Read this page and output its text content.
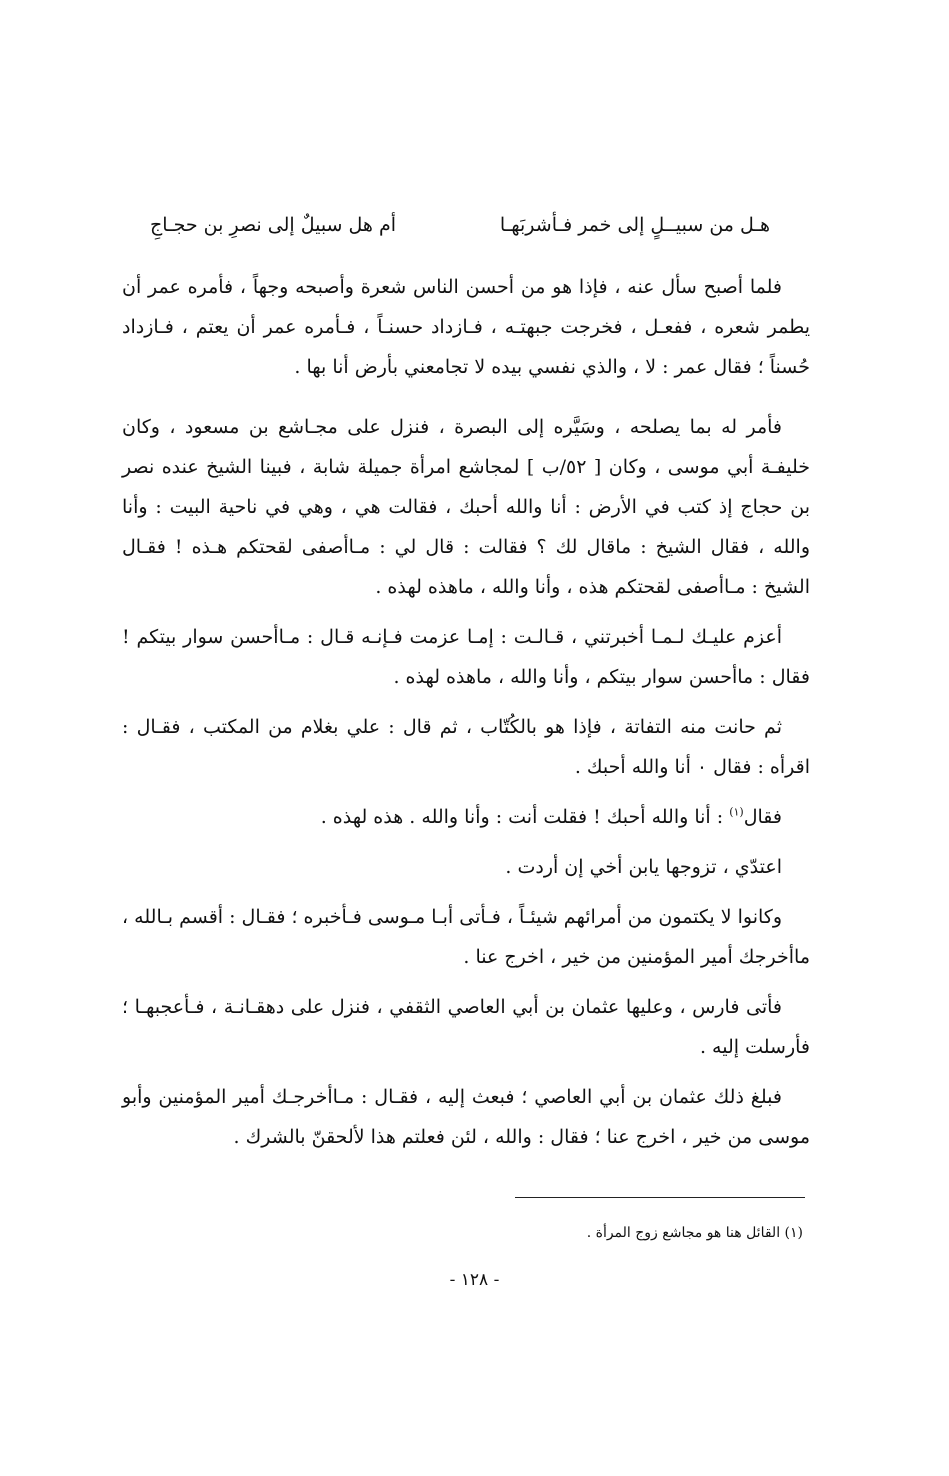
هـل من سبيــلٍ إلى خمر فـأشربَهـا
أم هل سبيلٌ إلى نصرِ بن حجـاجِ

فلما أصبح سأل عنه ، فإذا هو من أحسن الناس شعرة وأصبحه وجهاً ، فأمره عمر أن يطمر شعره ، ففعـل ، فخرجت جبهتـه ، فـازداد حسنـاً ، فـأمره عمر أن يعتم ، فـازداد حُسناً ؛ فقال عمر : لا ، والذي نفسي بيده لا تجامعني بأرض أنا بها .

فأمر له بما يصلحه ، وسَيَّره إلى البصرة ، فنزل على مجـاشع بن مسعود ، وكان خليفـة أبي موسى ، وكان [ ٥٢/ب ] لمجاشع امرأة جميلة شابة ، فبينا الشيخ عنده نصر بن حجاج إذ كتب في الأرض : أنا والله أحبك ، فقالت هي ، وهي في ناحية البيت : وأنا والله ، فقال الشيخ : ماقال لك ؟ فقالت : قال لي : مـاأصفى لقحتكم هـذه ! فقـال الشيخ : مـاأصفى لقحتكم هذه ، وأنا والله ، ماهذه لهذه .

أعزم عليـك لـمـا أخبرتني ، قـالـت : إمـا عزمت فـإنـه قـال : مـاأحسن سوار بيتكم ! فقال : ماأحسن سوار بيتكم ، وأنا والله ، ماهذه لهذه .

ثم حانت منه التفاتة ، فإذا هو بالكُتّاب ، ثم قال : علي بغلام من المكتب ، فقـال : اقرأه : فقال ٠ أنا والله أحبك .

فقال$^{(١)}$ : أنا والله أحبك ! فقلت أنت : وأنا والله . هذه لهذه .

اعتدّي ، تزوجها يابن أخي إن أردت .

وكانوا لا يكتمون من أمرائهم شيئـاً ، فـأتى أبـا مـوسى فـأخبره ؛ فقـال : أقسم بـالله ، ماأخرجك أمير المؤمنين من خير ، اخرج عنا .

فأتى فارس ، وعليها عثمان بن أبي العاصي الثقفي ، فنزل على دهقـانـة ، فـأعجبهـا ؛ فأرسلت إليه .

فبلغ ذلك عثمان بن أبي العاصي ؛ فبعث إليه ، فقـال : مـاأخرجـك أمير المؤمنين وأبو موسى من خير ، اخرج عنا ؛ فقال : والله ، لئن فعلتم هذا لألحقنّ بالشرك .

(١) القائل هنا هو مجاشع زوج المرأة .
- ١٢٨ -
